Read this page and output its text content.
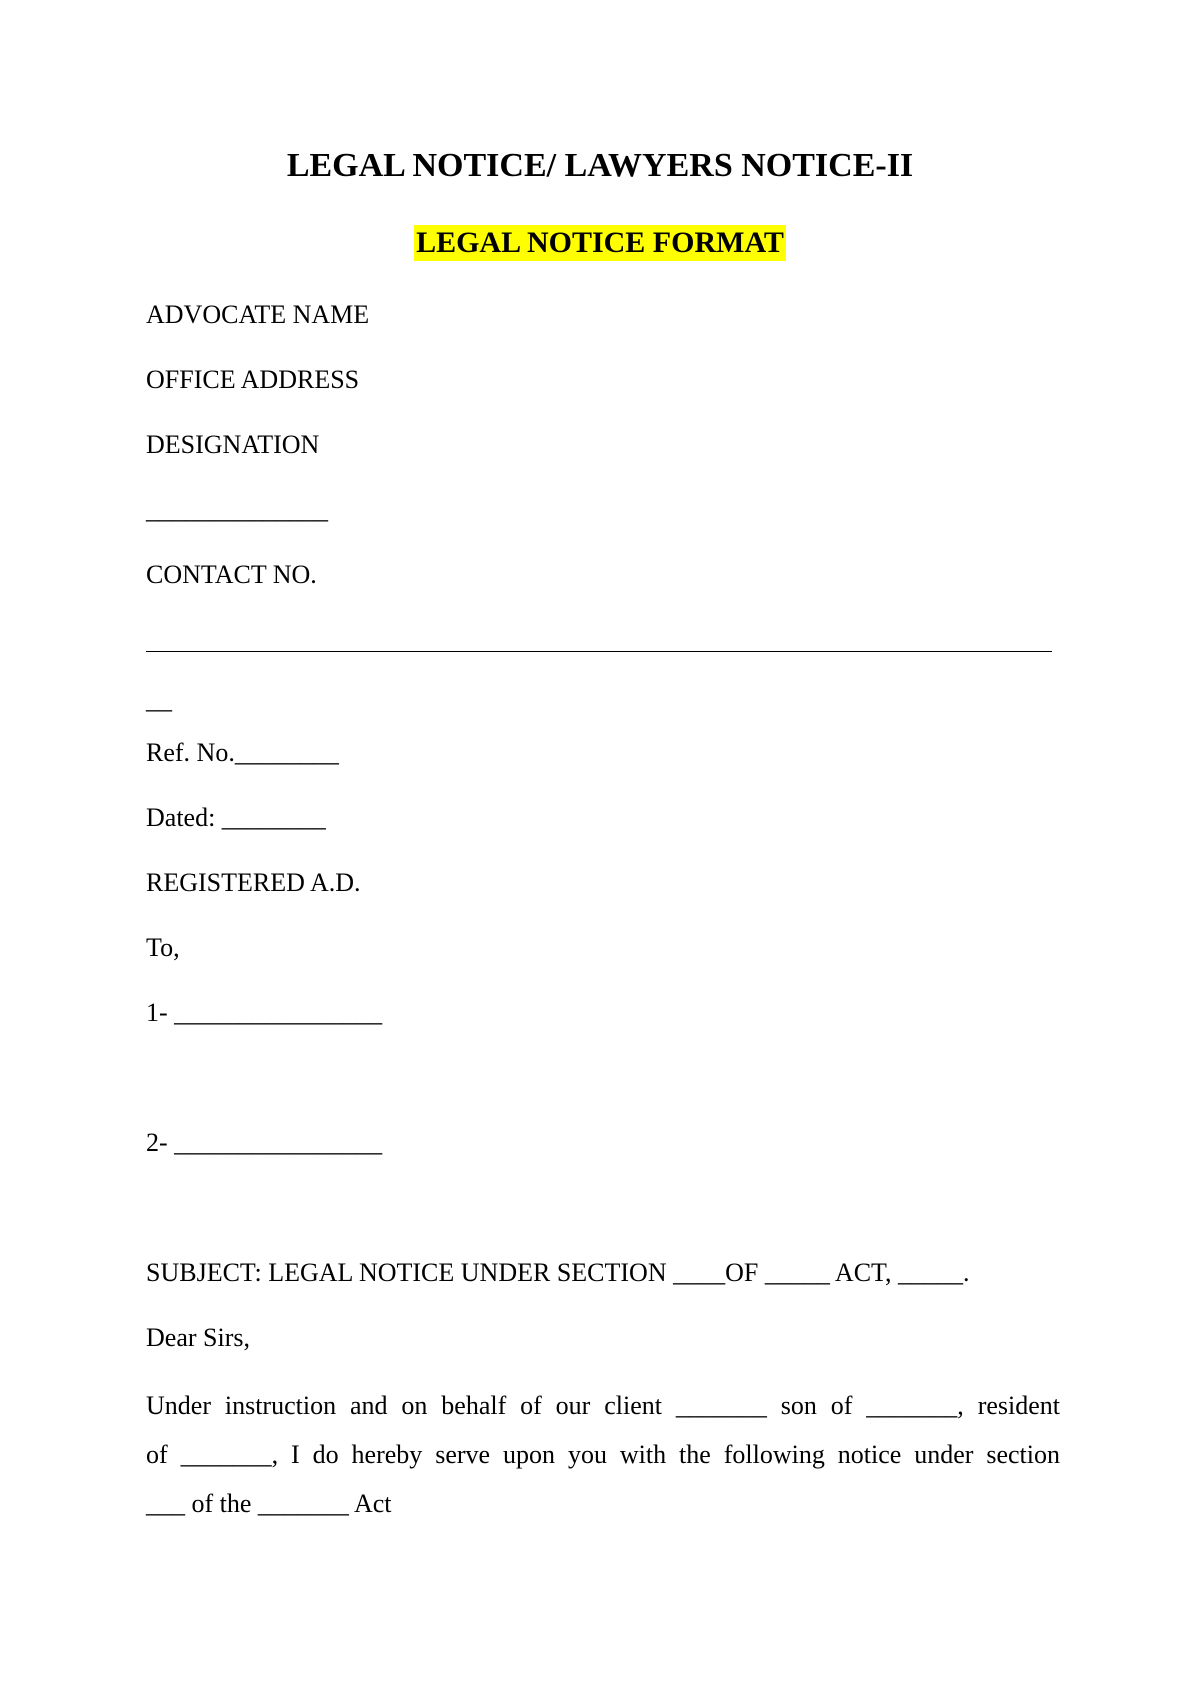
LEGAL NOTICE/ LAWYERS NOTICE-II
LEGAL NOTICE FORMAT
ADVOCATE NAME
OFFICE ADDRESS
DESIGNATION
______________
CONTACT NO.
__
Ref. No.________
Dated: ________
REGISTERED A.D.
To,
1- ________________
2- ________________
SUBJECT: LEGAL NOTICE UNDER SECTION ____OF _____ ACT, _____.
Dear Sirs,
Under instruction and on behalf of our client _______ son of _______, resident
of _______, I do hereby serve upon you with the following notice under section
___ of the _______ Act
